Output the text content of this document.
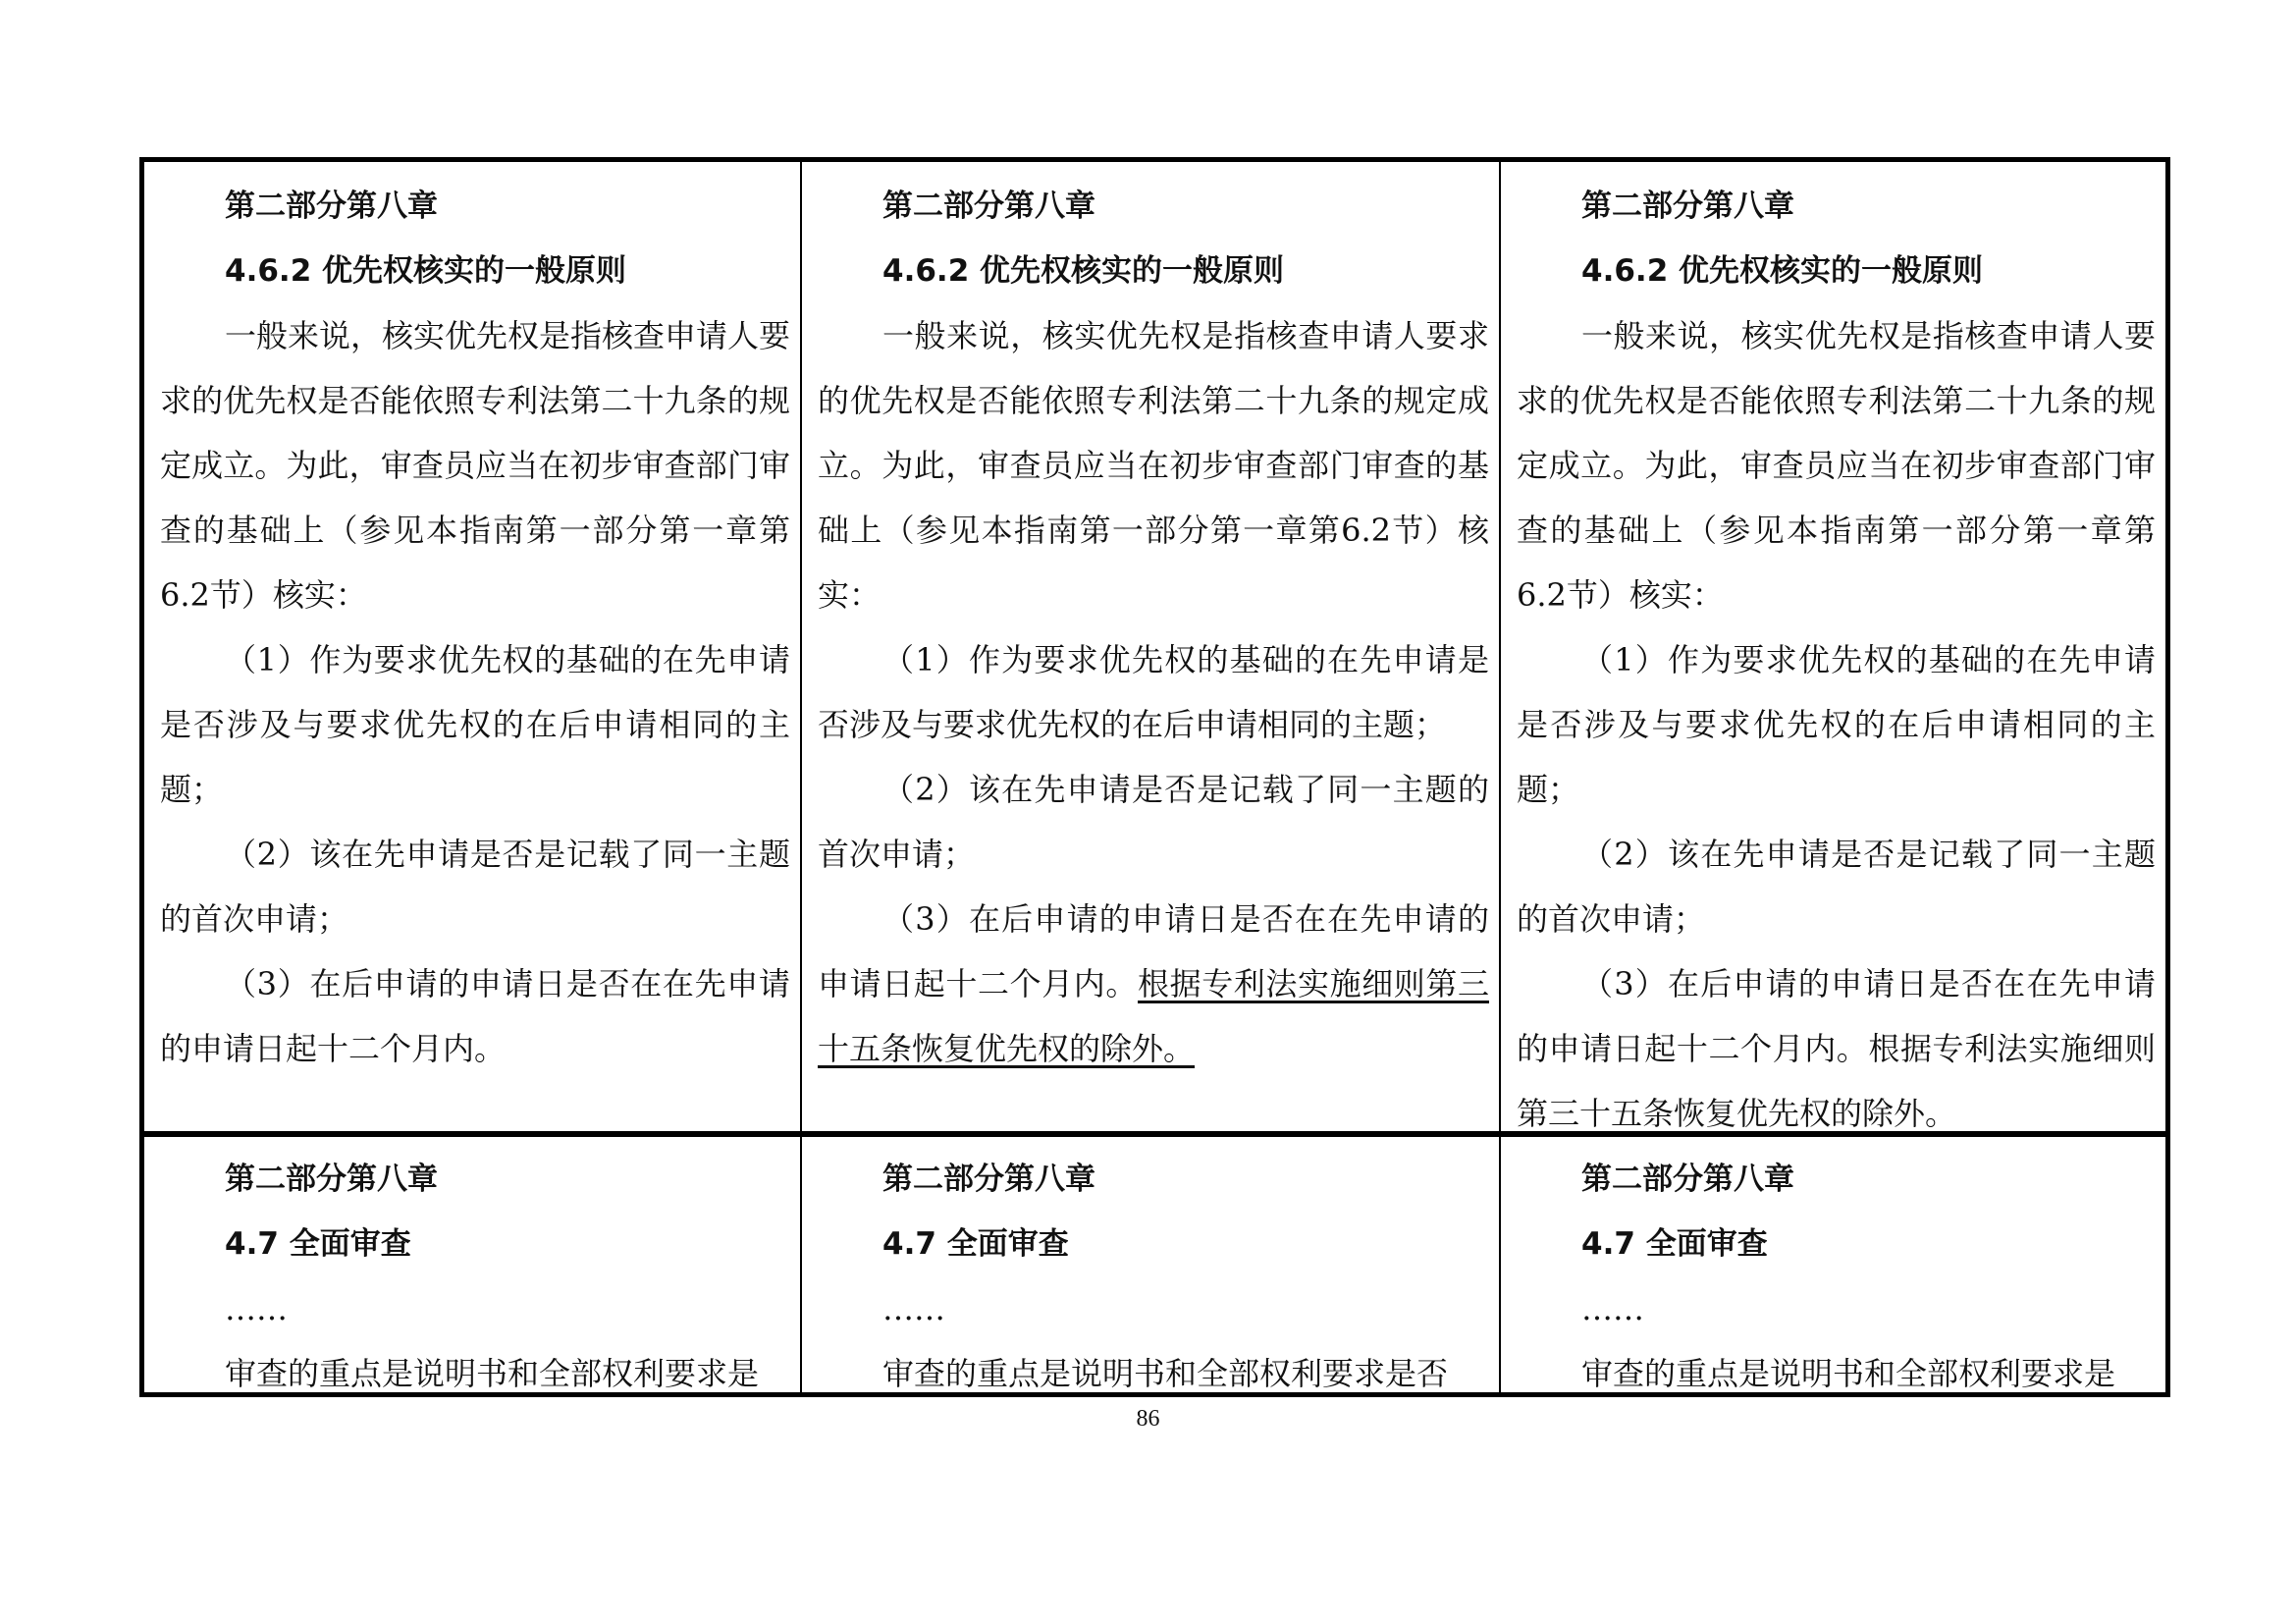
第二部分第八章
4.6.2 优先权核实的一般原则

一般来说，核实优先权是指核查申请人要求的优先权是否能依照专利法第二十九条的规定成立。为此，审查员应当在初步审查部门审查的基础上（参见本指南第一部分第一章第6.2节）核实：

（1）作为要求优先权的基础的在先申请是否涉及与要求优先权的在后申请相同的主题；

（2）该在先申请是否是记载了同一主题的首次申请；

（3）在后申请的申请日是否在在先申请的申请日起十二个月内。

第二部分第八章
4.6.2 优先权核实的一般原则

一般来说，核实优先权是指核查申请人要求的优先权是否能依照专利法第二十九条的规定成立。为此，审查员应当在初步审查部门审查的基础上（参见本指南第一部分第一章第6.2节）核实：

（1）作为要求优先权的基础的在先申请是否涉及与要求优先权的在后申请相同的主题；

（2）该在先申请是否是记载了同一主题的首次申请；

（3）在后申请的申请日是否在在先申请的申请日起十二个月内。根据专利法实施细则第三十五条恢复优先权的除外。

第二部分第八章
4.6.2 优先权核实的一般原则

一般来说，核实优先权是指核查申请人要求的优先权是否能依照专利法第二十九条的规定成立。为此，审查员应当在初步审查部门审查的基础上（参见本指南第一部分第一章第6.2节）核实：

（1）作为要求优先权的基础的在先申请是否涉及与要求优先权的在后申请相同的主题；

（2）该在先申请是否是记载了同一主题的首次申请；

（3）在后申请的申请日是否在在先申请的申请日起十二个月内。根据专利法实施细则第三十五条恢复优先权的除外。

第二部分第八章
4.7 全面审查
……

审查的重点是说明书和全部权利要求是

第二部分第八章
4.7 全面审查
……

审查的重点是说明书和全部权利要求是否

第二部分第八章
4.7 全面审查
……

审查的重点是说明书和全部权利要求是

86
